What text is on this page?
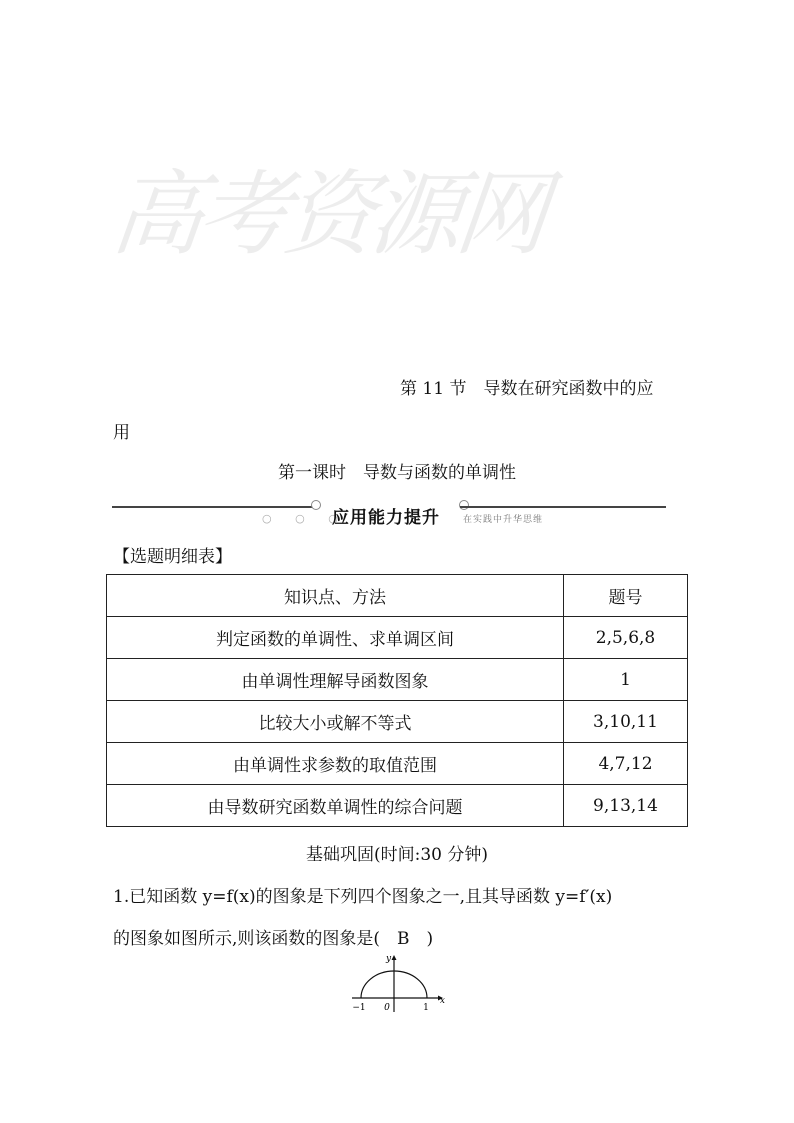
高考资源网
第 11 节　导数在研究函数中的应
用
第一课时　导数与函数的单调性
○ ○ ○
应用能力提升	在实践中升华思维
【选题明细表】
知识点、方法	题号
判定函数的单调性、求单调区间	2,5,6,8
由单调性理解导函数图象	1
比较大小或解不等式	3,10,11
由单调性求参数的取值范围	4,7,12
由导数研究函数单调性的综合问题	9,13,14
基础巩固(时间:30 分钟)
1.已知函数 y=f(x)的图象是下列四个图象之一,且其导函数 y=f′(x)
的图象如图所示,则该函数的图象是(　B　)
x
y
−1 0	1
